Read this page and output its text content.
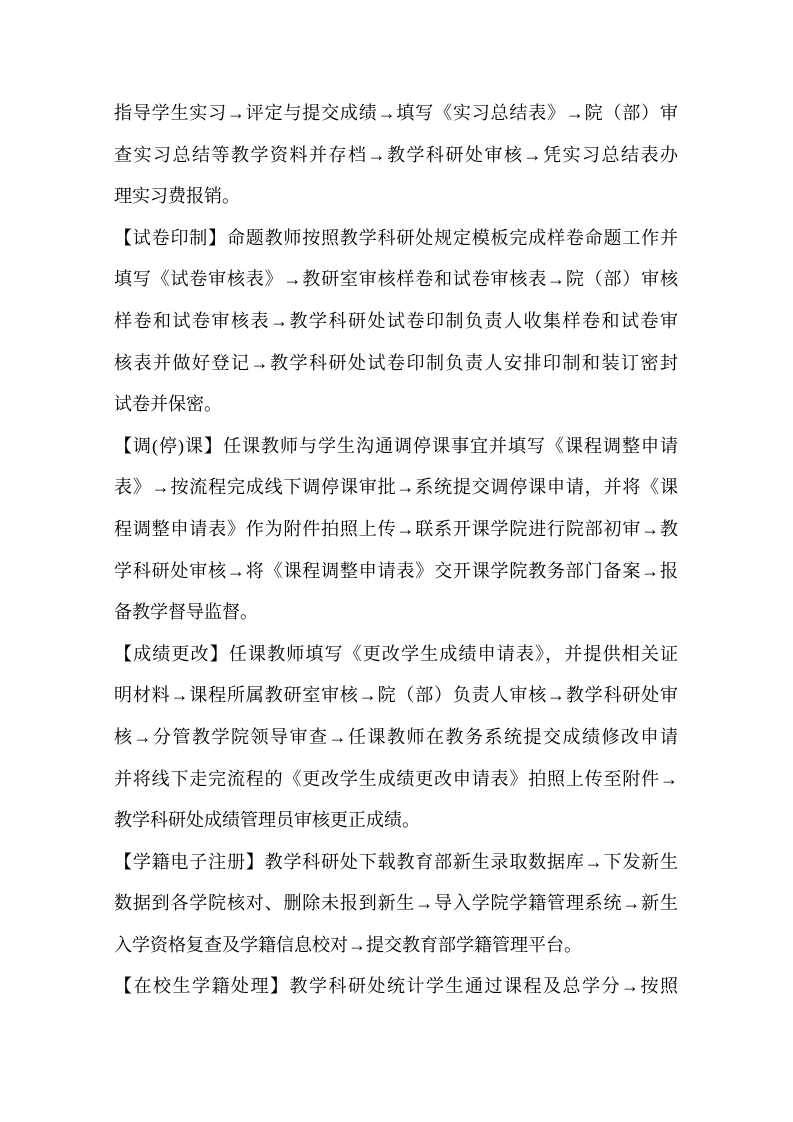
指导学生实习→评定与提交成绩→填写《实习总结表》→院（部）审
查实习总结等教学资料并存档→教学科研处审核→凭实习总结表办
理实习费报销。
【试卷印制】命题教师按照教学科研处规定模板完成样卷命题工作并
填写《试卷审核表》→教研室审核样卷和试卷审核表→院（部）审核
样卷和试卷审核表→教学科研处试卷印制负责人收集样卷和试卷审
核表并做好登记→教学科研处试卷印制负责人安排印制和装订密封
试卷并保密。
【调(停)课】任课教师与学生沟通调停课事宜并填写《课程调整申请
表》→按流程完成线下调停课审批→系统提交调停课申请，并将《课
程调整申请表》作为附件拍照上传→联系开课学院进行院部初审→教
学科研处审核→将《课程调整申请表》交开课学院教务部门备案→报
备教学督导监督。
【成绩更改】任课教师填写《更改学生成绩申请表》，并提供相关证
明材料→课程所属教研室审核→院（部）负责人审核→教学科研处审
核→分管教学院领导审查→任课教师在教务系统提交成绩修改申请
并将线下走完流程的《更改学生成绩更改申请表》拍照上传至附件→
教学科研处成绩管理员审核更正成绩。
【学籍电子注册】教学科研处下载教育部新生录取数据库→下发新生
数据到各学院核对、删除未报到新生→导入学院学籍管理系统→新生
入学资格复查及学籍信息校对→提交教育部学籍管理平台。
【在校生学籍处理】教学科研处统计学生通过课程及总学分→按照
